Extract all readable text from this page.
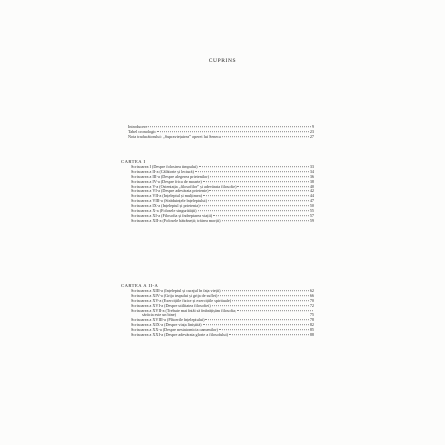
CUPRINS
Introducere	9
Tabel cronologic	23
Nota traducătorului: „Supraviețuirea” operei lui Seneca	27
CARTEA I
Scrisoarea I (Despre folosirea timpului)	33
Scrisoarea a II-a (Călătorie și lectură)	34
Scrisoarea a III-a (Despre alegerea prietenilor)	36
Scrisoarea a IV-a (Despre frica de moarte)	38
Scrisoarea a V-a (Ostentația „filosofilor” și adevărata filosofie)	40
Scrisoarea a VI-a (Despre adevărata prietenie)	42
Scrisoarea a VII-a (Înțeleptul și mulțimea)	44
Scrisoarea a VIII-a (Străduințele înțeleptului)	47
Scrisoarea a IX-a (Înțeleptul și prietenia)	50
Scrisoarea a X-a (Folosele singurătății)	55
Scrisoarea a XI-a (Filosofia și îndreptarea viații)	57
Scrisoarea a XII-a (Folosele bătrâneții; trăirea morții)	59
CARTEA A II-A
Scrisoarea a XIII-a (Înțeleptul și curajul în fața vieții)	62
Scrisoarea a XIV-a (Grija trupului și grija de suflet)	66
Scrisoarea a XV-a (Exercițiile fizice și exercițiile spirituale)	70
Scrisoarea a XVI-a (Despre utilitatea filosofiei)	72
Scrisoarea a XVII-a (Trebuie mai întâi să îmbrățișăm filosofia;
sărăcia este un bine)	75
Scrisoarea a XVIII-a (Plăcerile înțeleptului)	78
Scrisoarea a XIX-a (Despre viața liniștită)	82
Scrisoarea a XX-a (Despre nestatornicia oamenilor)	85
Scrisoarea a XXI-a (Despre adevărata glorie a filosofului)	88
